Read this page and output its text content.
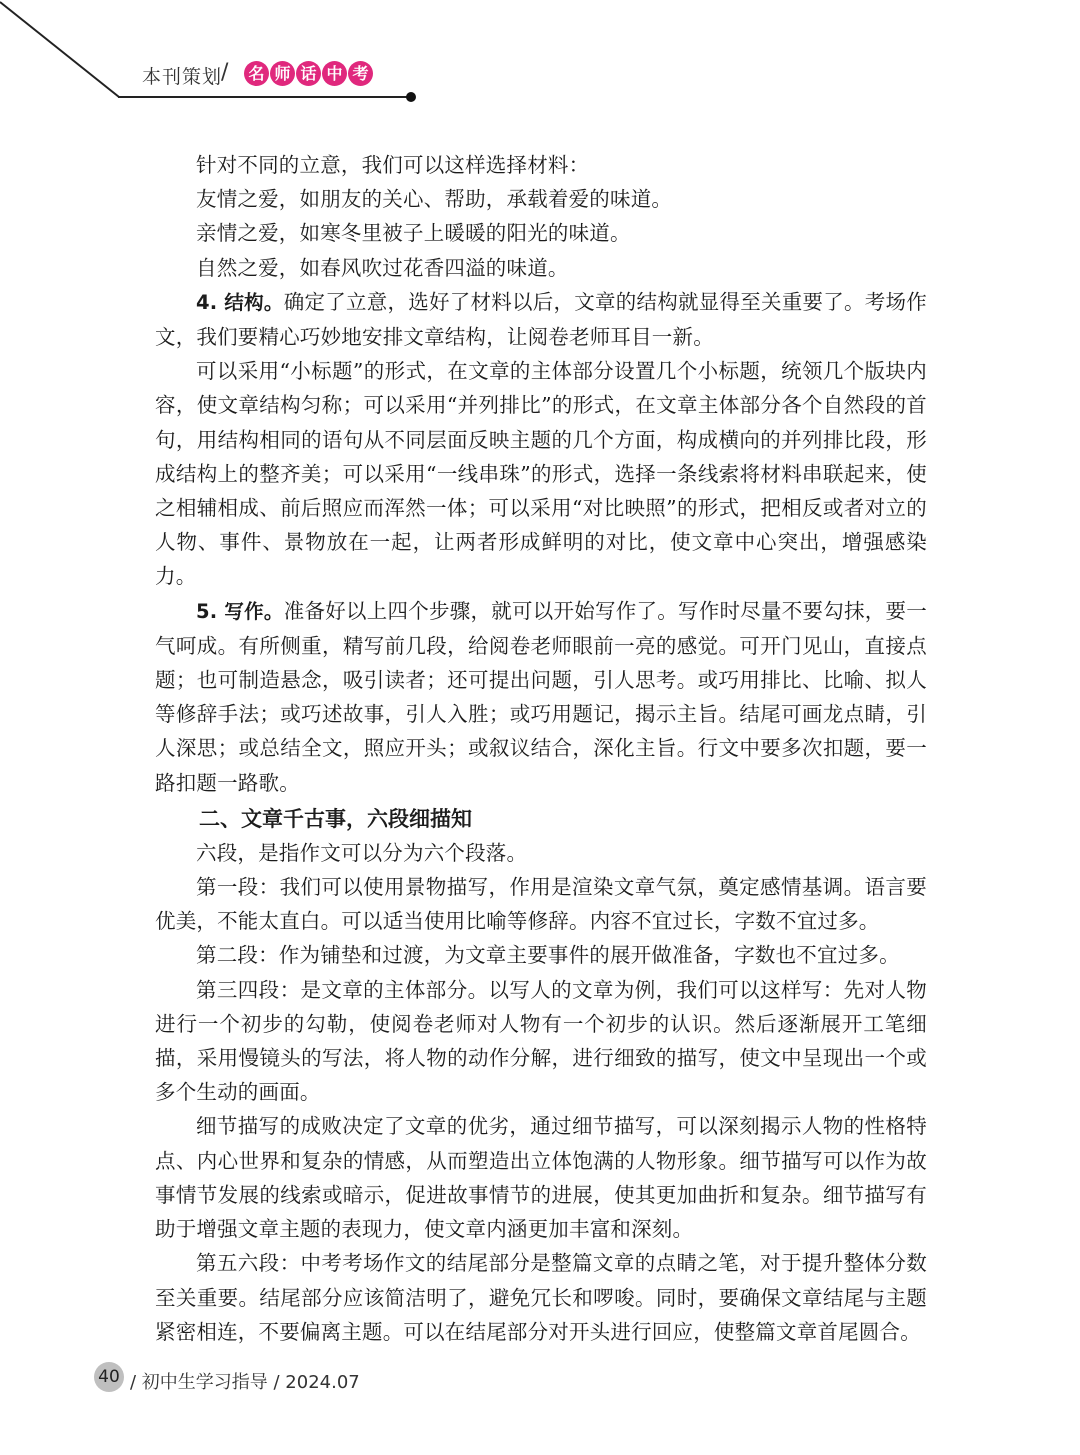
本刊策划
/ 名 师 话 中 考

针对不同的立意，我们可以这样选择材料：

友情之爱，如朋友的关心、帮助，承载着爱的味道。

亲情之爱，如寒冬里被子上暖暖的阳光的味道。

自然之爱，如春风吹过花香四溢的味道。

4. 结构。确定了立意，选好了材料以后，文章的结构就显得至关重要了。考场作文，我们要精心巧妙地安排文章结构，让阅卷老师耳目一新。

可以采用“小标题”的形式，在文章的主体部分设置几个小标题，统领几个版块内容，使文章结构匀称；可以采用“并列排比”的形式，在文章主体部分各个自然段的首句，用结构相同的语句从不同层面反映主题的几个方面，构成横向的并列排比段，形成结构上的整齐美；可以采用“一线串珠”的形式，选择一条线索将材料串联起来，使之相辅相成、前后照应而浑然一体；可以采用“对比映照”的形式，把相反或者对立的人物、事件、景物放在一起，让两者形成鲜明的对比，使文章中心突出，增强感染力。

5. 写作。准备好以上四个步骤，就可以开始写作了。写作时尽量不要勾抹，要一气呵成。有所侧重，精写前几段，给阅卷老师眼前一亮的感觉。可开门见山，直接点题；也可制造悬念，吸引读者；还可提出问题，引人思考。或巧用排比、比喻、拟人等修辞手法；或巧述故事，引人入胜；或巧用题记，揭示主旨。结尾可画龙点睛，引人深思；或总结全文，照应开头；或叙议结合，深化主旨。行文中要多次扣题，要一路扣题一路歌。

二、文章千古事，六段细描知

六段，是指作文可以分为六个段落。

第一段：我们可以使用景物描写，作用是渲染文章气氛，奠定感情基调。语言要优美，不能太直白。可以适当使用比喻等修辞。内容不宜过长，字数不宜过多。

第二段：作为铺垫和过渡，为文章主要事件的展开做准备，字数也不宜过多。

第三四段：是文章的主体部分。以写人的文章为例，我们可以这样写：先对人物进行一个初步的勾勒，使阅卷老师对人物有一个初步的认识。然后逐渐展开工笔细描，采用慢镜头的写法，将人物的动作分解，进行细致的描写，使文中呈现出一个或多个生动的画面。

细节描写的成败决定了文章的优劣，通过细节描写，可以深刻揭示人物的性格特点、内心世界和复杂的情感，从而塑造出立体饱满的人物形象。细节描写可以作为故事情节发展的线索或暗示，促进故事情节的进展，使其更加曲折和复杂。细节描写有助于增强文章主题的表现力，使文章内涵更加丰富和深刻。

第五六段：中考考场作文的结尾部分是整篇文章的点睛之笔，对于提升整体分数至关重要。结尾部分应该简洁明了，避免冗长和啰唆。同时，要确保文章结尾与主题紧密相连，不要偏离主题。可以在结尾部分对开头进行回应，使整篇文章首尾圆合。

40 / 初中生学习指导 / 2024.07
